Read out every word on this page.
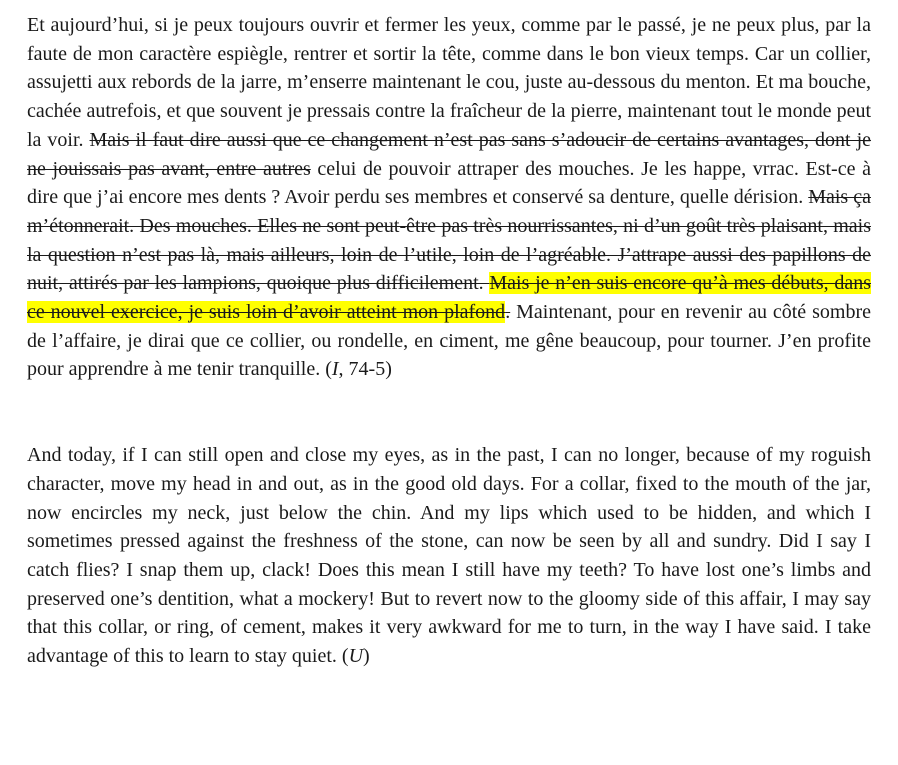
Et aujourd’hui, si je peux toujours ouvrir et fermer les yeux, comme par le passé, je ne peux plus, par la faute de mon caractère espiègle, rentrer et sortir la tête, comme dans le bon vieux temps. Car un collier, assujetti aux rebords de la jarre, m’enserre maintenant le cou, juste au-dessous du menton. Et ma bouche, cachée autrefois, et que souvent je pressais contre la fraîcheur de la pierre, maintenant tout le monde peut la voir. Mais il faut dire aussi que ce changement n’est pas sans s’adoucir de certains avantages, dont je ne jouissais pas avant, entre autres celui de pouvoir attraper des mouches. Je les happe, vrrac. Est-ce à dire que j’ai encore mes dents ? Avoir perdu ses membres et conservé sa denture, quelle dérision. Mais ça m’étonnerait. Des mouches. Elles ne sont peut-être pas très nourrissantes, ni d’un goût très plaisant, mais la question n’est pas là, mais ailleurs, loin de l’utile, loin de l’agréable. J’attrape aussi des papillons de nuit, attirés par les lampions, quoique plus difficilement. Mais je n’en suis encore qu’à mes débuts, dans ce nouvel exercice, je suis loin d’avoir atteint mon plafond. Maintenant, pour en revenir au côté sombre de l’affaire, je dirai que ce collier, ou rondelle, en ciment, me gêne beaucoup, pour tourner. J’en profite pour apprendre à me tenir tranquille. (I, 74-5)

And today, if I can still open and close my eyes, as in the past, I can no longer, because of my roguish character, move my head in and out, as in the good old days. For a collar, fixed to the mouth of the jar, now encircles my neck, just below the chin. And my lips which used to be hidden, and which I sometimes pressed against the freshness of the stone, can now be seen by all and sundry. Did I say I catch flies? I snap them up, clack! Does this mean I still have my teeth? To have lost one’s limbs and preserved one’s dentition, what a mockery! But to revert now to the gloomy side of this affair, I may say that this collar, or ring, of cement, makes it very awkward for me to turn, in the way I have said. I take advantage of this to learn to stay quiet. (U)
